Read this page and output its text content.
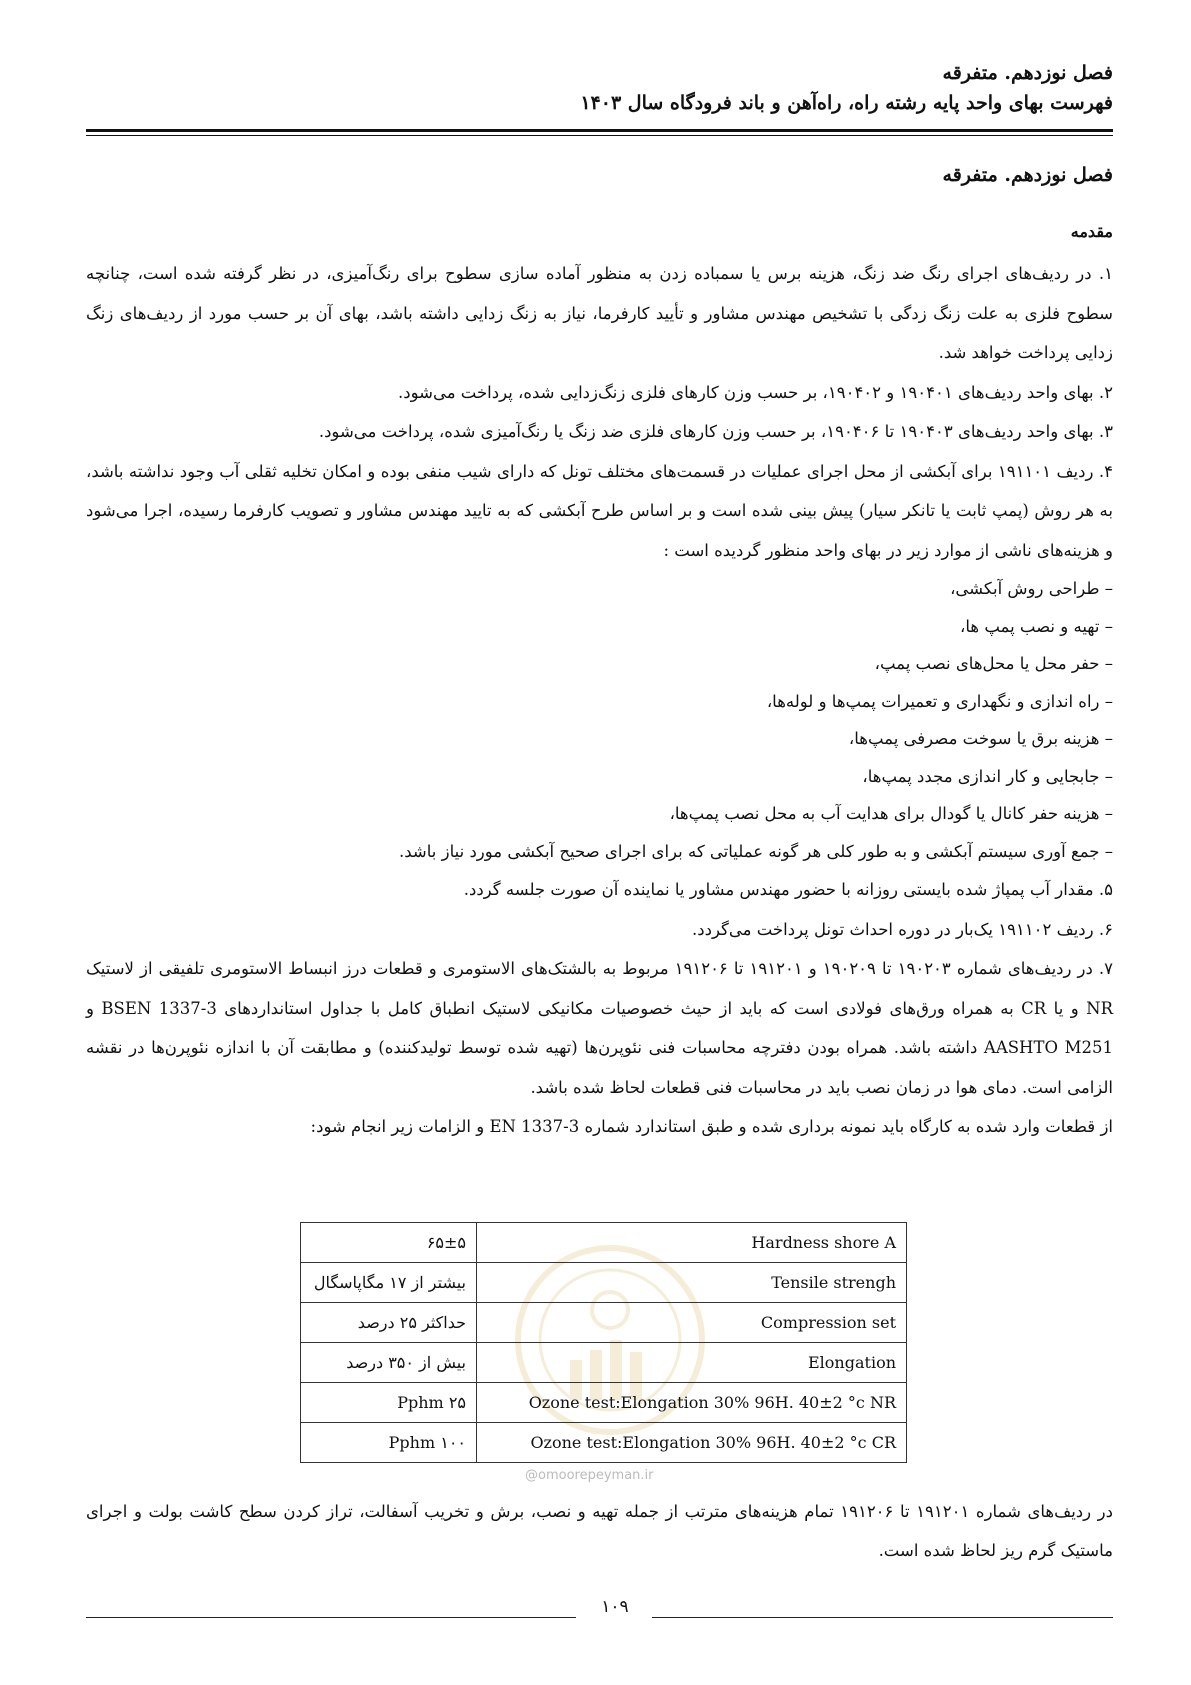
فصل نوزدهم. متفرقه
فهرست بهای واحد پایه رشته راه، راه‌آهن و باند فرودگاه سال ۱۴۰۳
فصل نوزدهم. متفرقه
مقدمه

۱. در ردیف‌های اجرای رنگ ضد زنگ، هزینه برس یا سمباده زدن به منظور آماده سازی سطوح برای رنگ‌آمیزی، در نظر گرفته شده است، چنانچه سطوح فلزی به علت زنگ زدگی با تشخیص مهندس مشاور و تأیید کارفرما، نیاز به زنگ زدایی داشته باشد، بهای آن بر حسب مورد از ردیف‌های زنگ زدایی پرداخت خواهد شد.

۲. بهای واحد ردیف‌های ۱۹۰۴۰۱ و ۱۹۰۴۰۲، بر حسب وزن کارهای فلزی زنگ‌زدایی شده، پرداخت می‌شود.

۳. بهای واحد ردیف‌های ۱۹۰۴۰۳ تا ۱۹۰۴۰۶، بر حسب وزن کارهای فلزی ضد زنگ یا رنگ‌آمیزی شده، پرداخت می‌شود.

۴. ردیف ۱۹۱۱۰۱ برای آبکشی از محل اجرای عملیات در قسمت‌های مختلف تونل که دارای شیب منفی بوده و امکان تخلیه ثقلی آب وجود نداشته باشد، به هر روش (پمپ ثابت یا تانکر سیار) پیش بینی شده است و بر اساس طرح آبکشی که به تایید مهندس مشاور و تصویب کارفرما رسیده، اجرا می‌شود و هزینه‌های ناشی از موارد زیر در بهای واحد منظور گردیده است :

– طراحی روش آبکشی،
– تهیه و نصب پمپ ها،
– حفر محل یا محل‌های نصب پمپ،
– راه اندازی و نگهداری و تعمیرات پمپ‌ها و لوله‌ها،
– هزینه برق یا سوخت مصرفی پمپ‌ها،
– جابجایی و کار اندازی مجدد پمپ‌ها،
– هزینه حفر کانال یا گودال برای هدایت آب به محل نصب پمپ‌ها،
– جمع آوری سیستم آبکشی و به طور کلی هر گونه عملیاتی که برای اجرای صحیح آبکشی مورد نیاز باشد.

۵. مقدار آب پمپاژ شده بایستی روزانه با حضور مهندس مشاور یا نماینده آن صورت جلسه گردد.

۶. ردیف ۱۹۱۱۰۲ یک‌بار در دوره احداث تونل پرداخت می‌گردد.

۷. در ردیف‌های شماره ۱۹۰۲۰۳ تا ۱۹۰۲۰۹ و ۱۹۱۲۰۱ تا ۱۹۱۲۰۶ مربوط به بالشتک‌های الاستومری و قطعات درز انبساط الاستومری تلفیقی از لاستیک NR و یا CR به همراه ورق‌های فولادی است که باید از حیث خصوصیات مکانیکی لاستیک انطباق کامل با جداول استانداردهای BSEN 1337-3 و AASHTO M251 داشته باشد. همراه بودن دفترچه محاسبات فنی نئوپرن‌ها (تهیه شده توسط تولیدکننده) و مطابقت آن با اندازه نئوپرن‌ها در نقشه الزامی است. دمای هوا در زمان نصب باید در محاسبات فنی قطعات لحاظ شده باشد.

از قطعات وارد شده به کارگاه باید نمونه برداری شده و طبق استاندارد شماره EN 1337-3 و الزامات زیر انجام شود:

۶۵±۵	Hardness shore A
بیشتر از ۱۷ مگاپاسگال	Tensile strengh
حداکثر ۲۵ درصد	Compression set
بیش از ۳۵۰ درصد	Elongation
۲۵ Pphm	Ozone test:Elongation 30% 96H. 40±2 °c NR
۱۰۰ Pphm	Ozone test:Elongation 30% 96H. 40±2 °c CR
@omoorepeyman.ir

در ردیف‌های شماره ۱۹۱۲۰۱ تا ۱۹۱۲۰۶ تمام هزینه‌های مترتب از جمله تهیه و نصب، برش و تخریب آسفالت، تراز کردن سطح کاشت بولت و اجرای ماستیک گرم ریز لحاظ شده است.

۱۰۹
